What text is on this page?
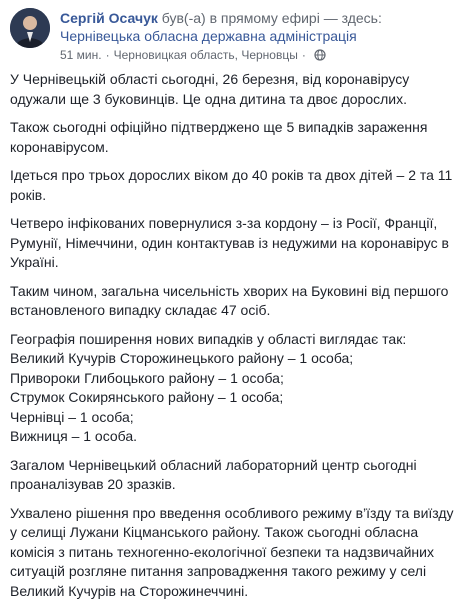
Сергій Осачук був(-а) в прямому ефирі — здесь:
Чернівецька обласна державна адміністрація
51 мин. · Черновицкая область, Черновцы ·
У Чернівецькій області сьогодні, 26 березня, від коронавірусу
одужали ще 3 буковинців. Це одна дитина та двоє дорослих.
Також сьогодні офіційно підтверджено ще 5 випадків зараження
коронавірусом.
Ідеться про трьох дорослих віком до 40 років та двох дітей – 2 та 11
років.
Четверо інфікованих повернулися з-за кордону – із Росії, Франції,
Румунії, Німеччини, один контактував із недужими на коронавірус в
Україні.
Таким чином, загальна чисельність хворих на Буковині від першого
встановленого випадку складає 47 осіб.
Географія поширення нових випадків у області виглядає так:
Великий Кучурів Сторожинецького району – 1 особа;
Привороки Глибоцького району – 1 особа;
Струмок Сокирянського району – 1 особа;
Чернівці – 1 особа;
Вижниця – 1 особа.
Загалом Чернівецький обласний лабораторний центр сьогодні
проаналізував 20 зразків.
Ухвалено рішення про введення особливого режиму в’їзду та виїзду
у селищі Лужани Кіцманського району. Також сьогодні обласна
комісія з питань техногенно-екологічної безпеки та надзвичайних
ситуацій розгляне питання запровадження такого режиму у селі
Великий Кучурів на Сторожинеччині.
